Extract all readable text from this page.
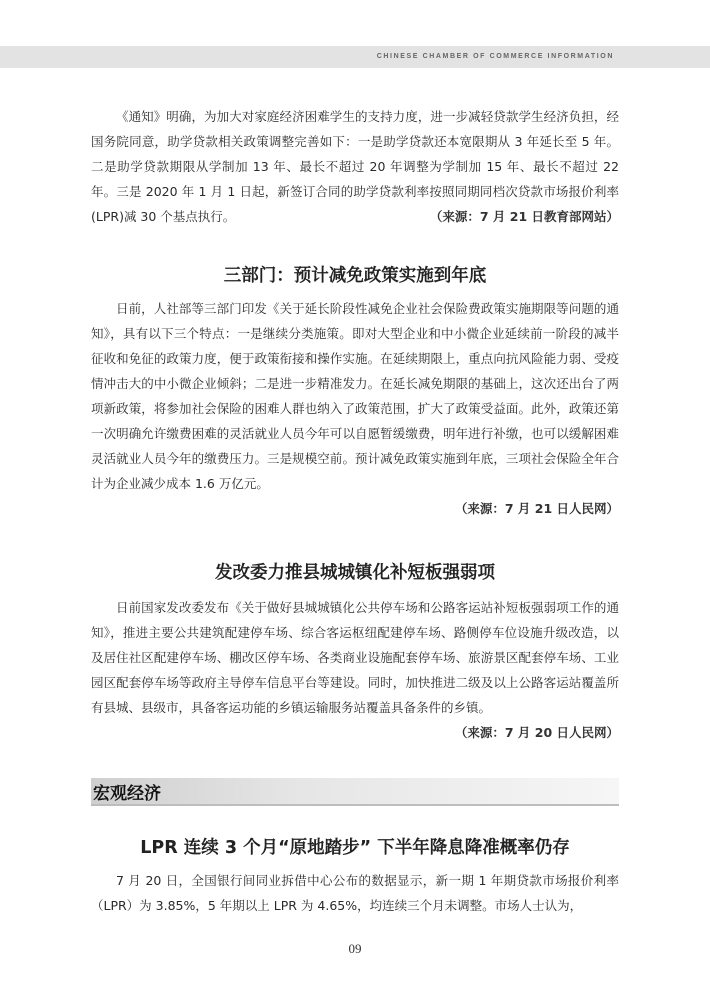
CHINESE CHAMBER OF COMMERCE INFORMATION
《通知》明确，为加大对家庭经济困难学生的支持力度，进一步减轻贷款学生经济负担，经国务院同意，助学贷款相关政策调整完善如下：一是助学贷款还本宽限期从 3 年延长至 5 年。二是助学贷款期限从学制加 13 年、最长不超过 20 年调整为学制加 15 年、最长不超过 22 年。三是 2020 年 1 月 1 日起，新签订合同的助学贷款利率按照同期同档次贷款市场报价利率(LPR)减 30 个基点执行。	（来源：7 月 21 日教育部网站）
三部门：预计减免政策实施到年底
日前，人社部等三部门印发《关于延长阶段性减免企业社会保险费政策实施期限等问题的通知》，具有以下三个特点：一是继续分类施策。即对大型企业和中小微企业延续前一阶段的减半征收和免征的政策力度，便于政策衔接和操作实施。在延续期限上，重点向抗风险能力弱、受疫情冲击大的中小微企业倾斜；二是进一步精准发力。在延长减免期限的基础上，这次还出台了两项新政策，将参加社会保险的困难人群也纳入了政策范围，扩大了政策受益面。此外，政策还第一次明确允许缴费困难的灵活就业人员今年可以自愿暂缓缴费，明年进行补缴，也可以缓解困难灵活就业人员今年的缴费压力。三是规模空前。预计减免政策实施到年底，三项社会保险全年合计为企业减少成本 1.6 万亿元。
（来源：7 月 21 日人民网）
发改委力推县城城镇化补短板强弱项
日前国家发改委发布《关于做好县城城镇化公共停车场和公路客运站补短板强弱项工作的通知》，推进主要公共建筑配建停车场、综合客运枢纽配建停车场、路侧停车位设施升级改造，以及居住社区配建停车场、棚改区停车场、各类商业设施配套停车场、旅游景区配套停车场、工业园区配套停车场等政府主导停车信息平台等建设。同时，加快推进二级及以上公路客运站覆盖所有县城、县级市，具备客运功能的乡镇运输服务站覆盖具备条件的乡镇。
（来源：7 月 20 日人民网）
宏观经济
LPR 连续 3 个月“原地踏步” 下半年降息降准概率仍存
7 月 20 日，全国银行间同业拆借中心公布的数据显示，新一期 1 年期贷款市场报价利率（LPR）为 3.85%，5 年期以上 LPR 为 4.65%，均连续三个月未调整。市场人士认为，
09
